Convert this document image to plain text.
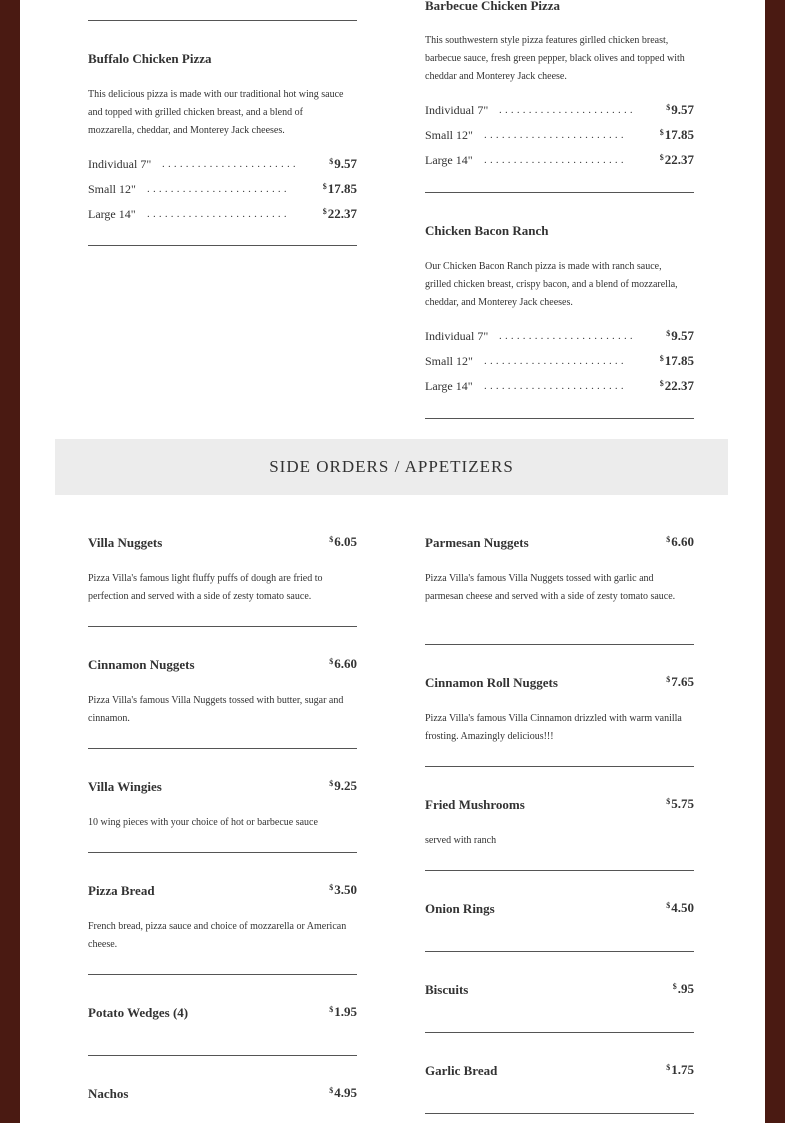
Buffalo Chicken Pizza
This delicious pizza is made with our traditional hot wing sauce and topped with grilled chicken breast, and a blend of mozzarella, cheddar, and Monterey Jack cheeses.
Individual 7" .......................	$9.57
Small 12" ........................	$17.85
Large 14" ........................	$22.37
Barbecue Chicken Pizza
This southwestern style pizza features girlled chicken breast, barbecue sauce, fresh green pepper, black olives and topped with cheddar and Monterey Jack cheese.
Individual 7" .......................	$9.57
Small 12" ........................	$17.85
Large 14" ........................	$22.37
Chicken Bacon Ranch
Our Chicken Bacon Ranch pizza is made with ranch sauce, grilled chicken breast, crispy bacon, and a blend of mozzarella, cheddar, and Monterey Jack cheeses.
Individual 7" .......................	$9.57
Small 12" ........................	$17.85
Large 14" ........................	$22.37
SIDE ORDERS / APPETIZERS
Villa Nuggets	$6.05
Pizza Villa's famous light fluffy puffs of dough are fried to perfection and served with a side of zesty tomato sauce.
Cinnamon Nuggets	$6.60
Pizza Villa's famous Villa Nuggets tossed with butter, sugar and cinnamon.
Villa Wingies	$9.25
10 wing pieces with your choice of hot or barbecue sauce
Pizza Bread	$3.50
French bread, pizza sauce and choice of mozzarella or American cheese.
Potato Wedges (4)	$1.95
Nachos	$4.95
Parmesan Nuggets	$6.60
Pizza Villa's famous Villa Nuggets tossed with garlic and parmesan cheese and served with a side of zesty tomato sauce.
Cinnamon Roll Nuggets	$7.65
Pizza Villa's famous Villa Cinnamon drizzled with warm vanilla frosting. Amazingly delicious!!!
Fried Mushrooms	$5.75
served with ranch
Onion Rings	$4.50
Biscuits	$.95
Garlic Bread	$1.75
